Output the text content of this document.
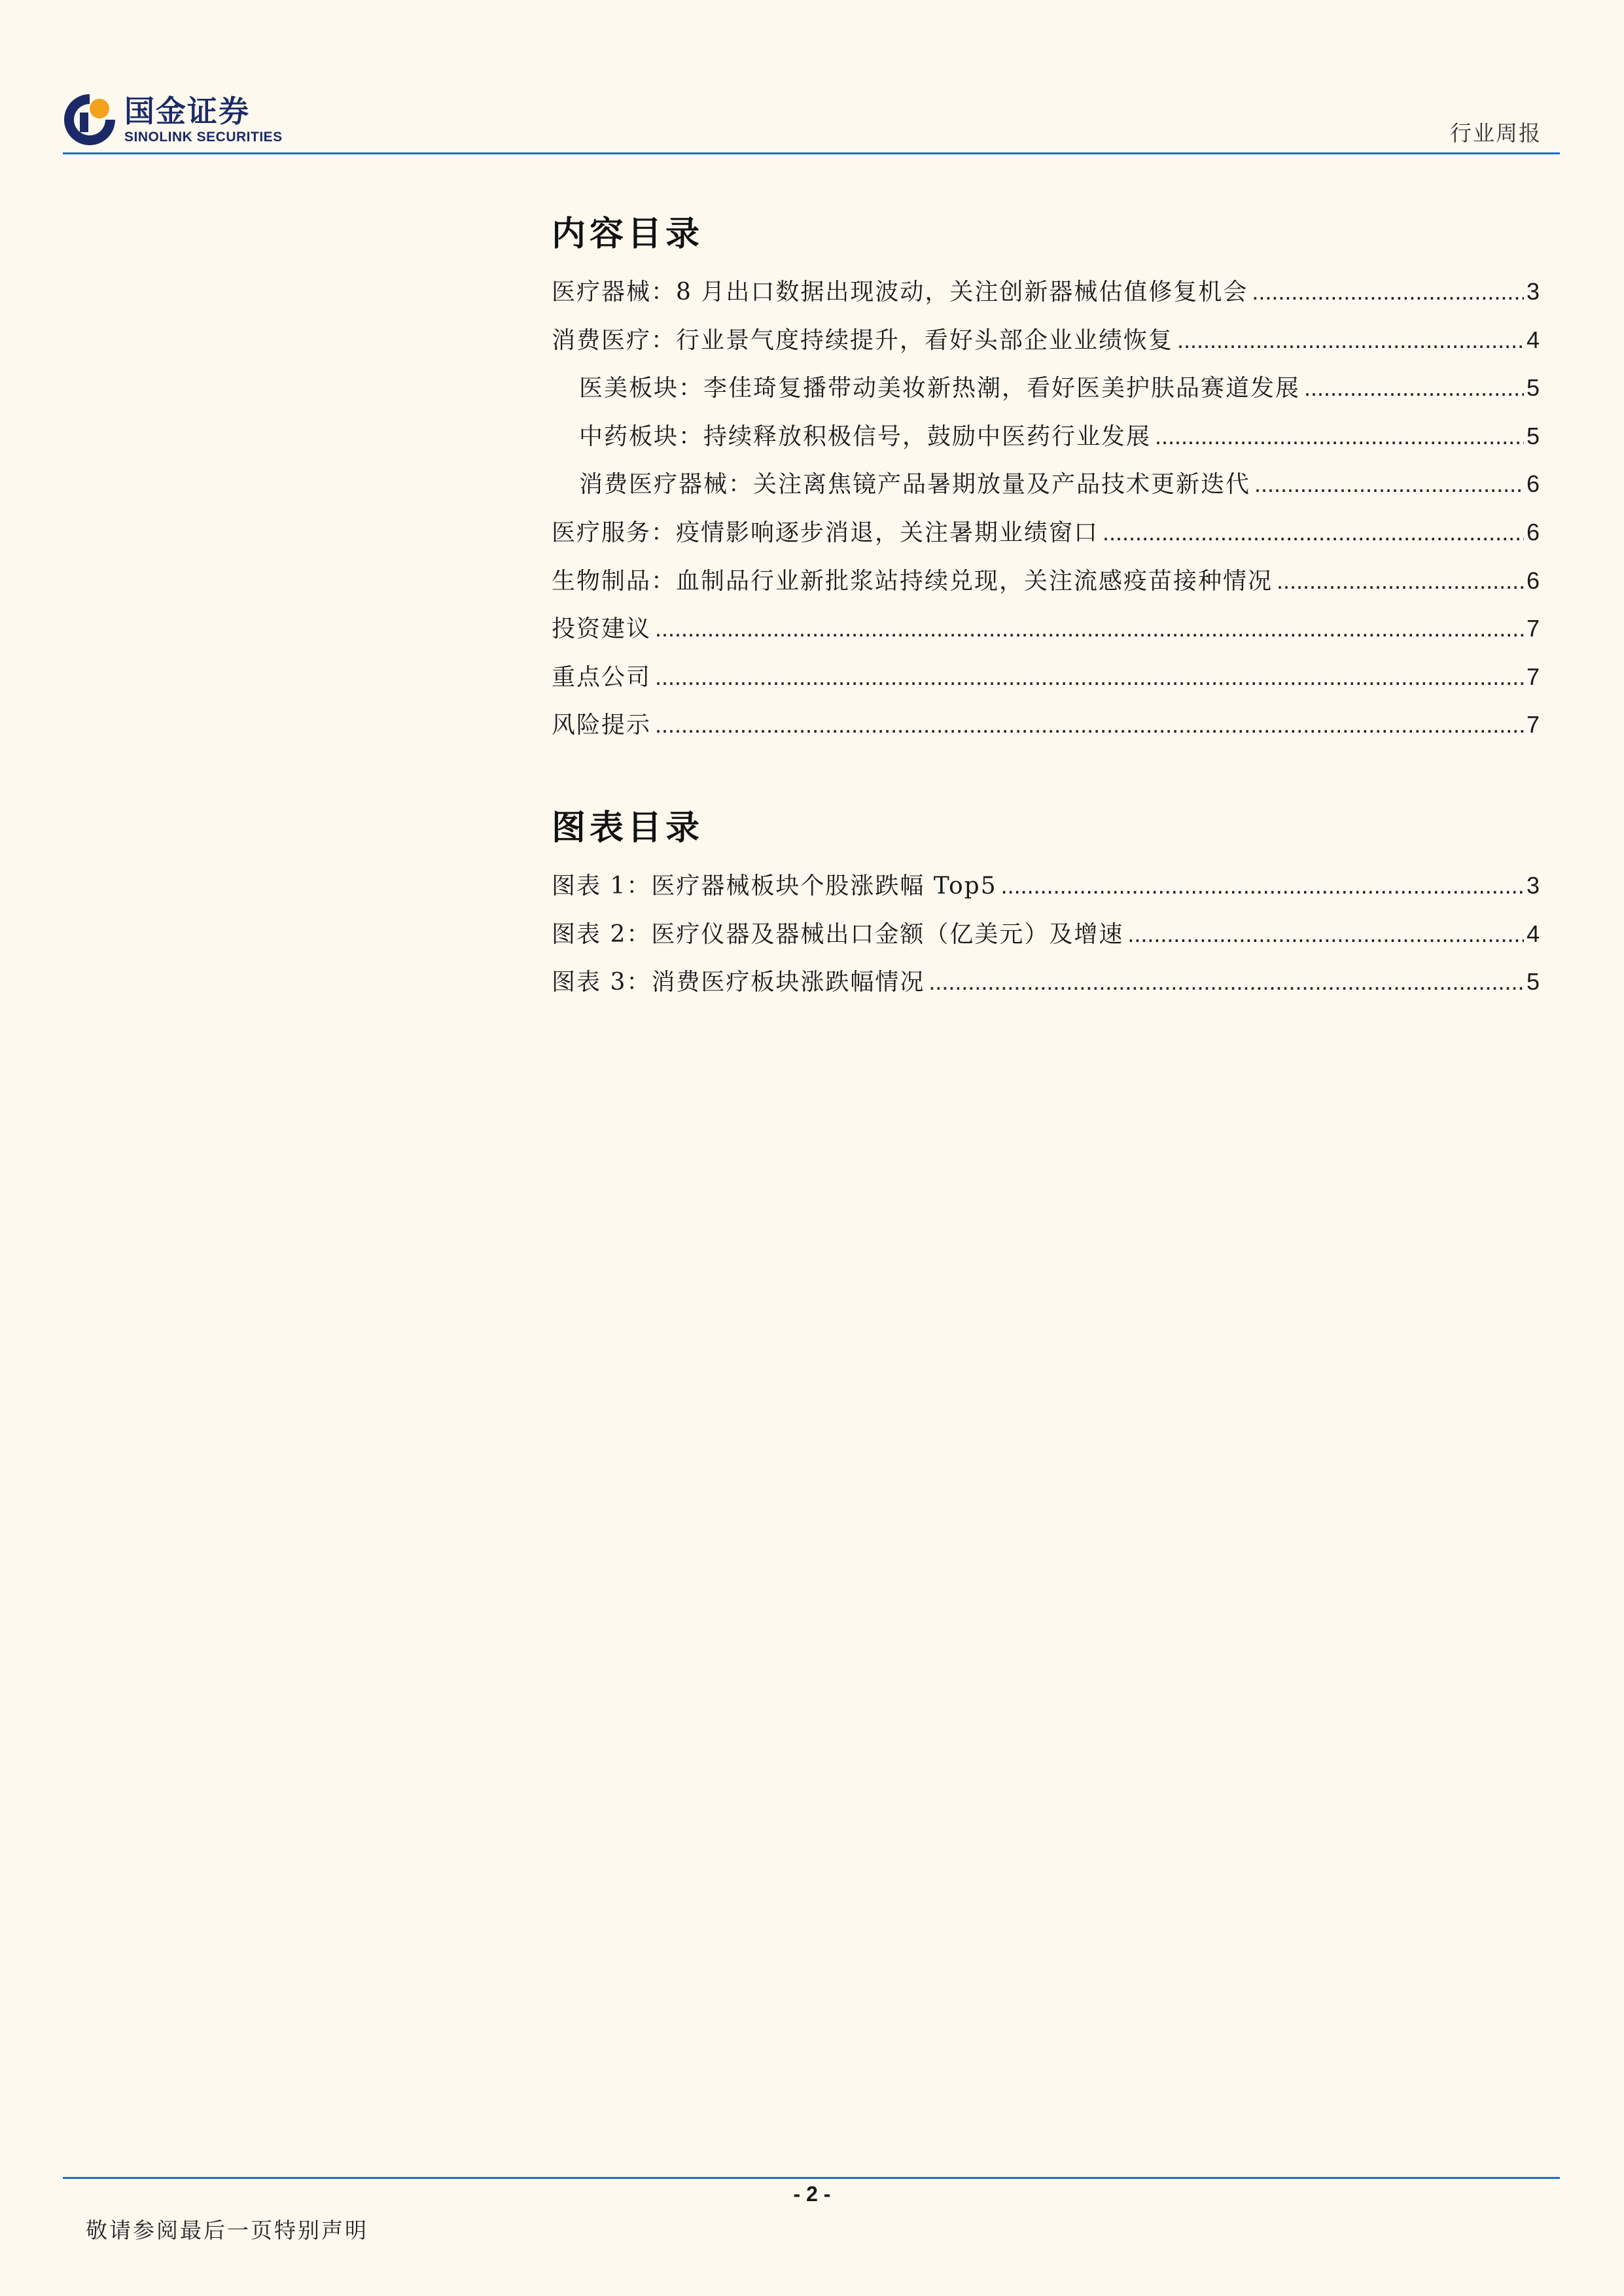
国金证券
SINOLINK SECURITIES	行业周报
内容目录
医疗器械：8 月出口数据出现波动，关注创新器械估值修复机会 .....	3
消费医疗：行业景气度持续提升，看好头部企业业绩恢复 .....	4
医美板块：李佳琦复播带动美妆新热潮，看好医美护肤品赛道发展 .....	5
中药板块：持续释放积极信号，鼓励中医药行业发展 .....	5
消费医疗器械：关注离焦镜产品暑期放量及产品技术更新迭代 .....	6
医疗服务：疫情影响逐步消退，关注暑期业绩窗口 .....	6
生物制品：血制品行业新批浆站持续兑现，关注流感疫苗接种情况 .....	6
投资建议 .....	7
重点公司 .....	7
风险提示 .....	7
图表目录
图表 1：医疗器械板块个股涨跌幅 Top5 .....	3
图表 2：医疗仪器及器械出口金额（亿美元）及增速 .....	4
图表 3：消费医疗板块涨跌幅情况 .....	5
- 2 -
敬请参阅最后一页特别声明
